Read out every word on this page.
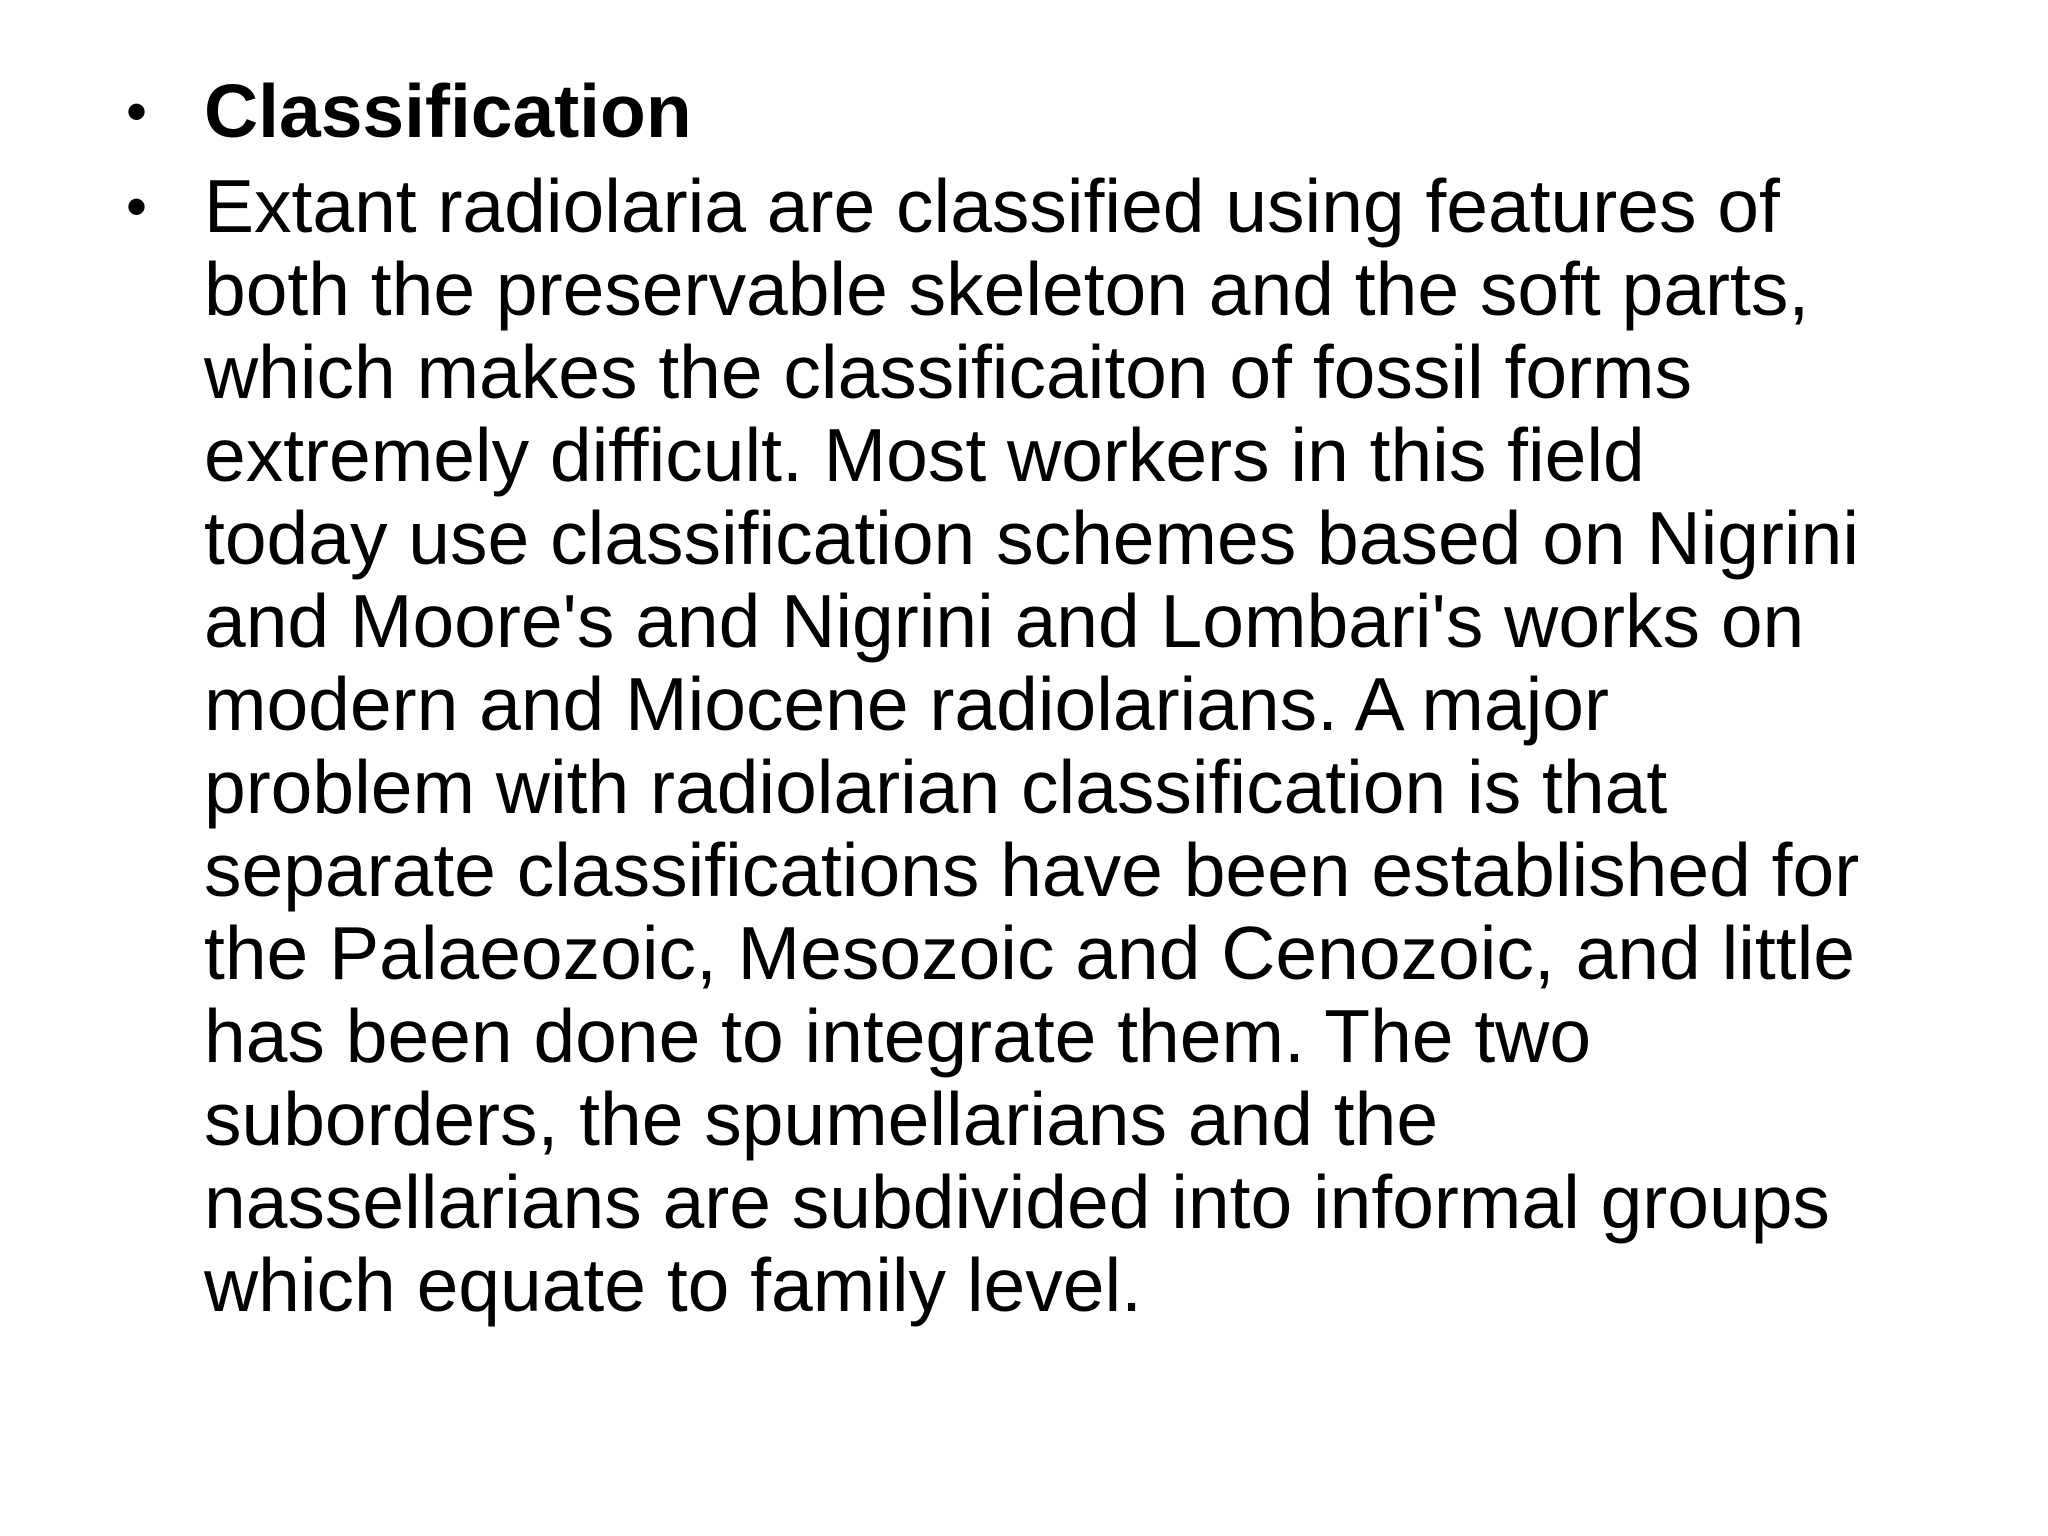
• Classification
• Extant radiolaria are classified using features of
both the preservable skeleton and the soft parts,
which makes the classificaiton of fossil forms
extremely difficult. Most workers in this field
today use classification schemes based on Nigrini
and Moore's and Nigrini and Lombari's works on
modern and Miocene radiolarians. A major
problem with radiolarian classification is that
separate classifications have been established for
the Palaeozoic, Mesozoic and Cenozoic, and little
has been done to integrate them. The two
suborders, the spumellarians and the
nassellarians are subdivided into informal groups
which equate to family level.
